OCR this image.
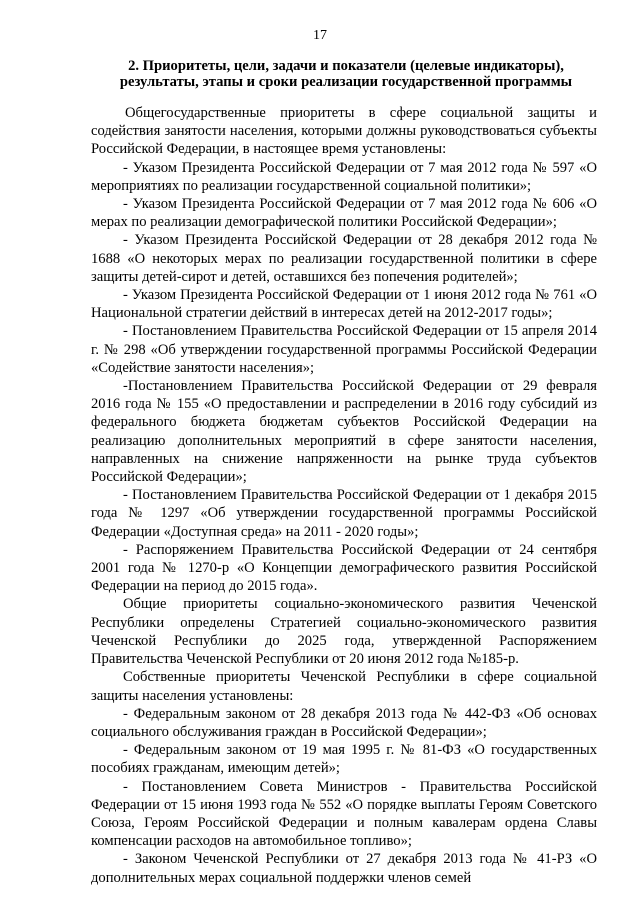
17
2. Приоритеты, цели, задачи и показатели (целевые индикаторы), результаты, этапы и сроки реализации государственной программы

Общегосударственные приоритеты в сфере социальной защиты и содействия занятости населения, которыми должны руководствоваться субъекты Российской Федерации, в настоящее время установлены:

- Указом Президента Российской Федерации от 7 мая 2012 года № 597 «О мероприятиях по реализации государственной социальной политики»;

- Указом Президента Российской Федерации от 7 мая 2012 года № 606 «О мерах по реализации демографической политики Российской Федерации»;

- Указом Президента Российской Федерации от 28 декабря 2012 года № 1688 «О некоторых мерах по реализации государственной политики в сфере защиты детей-сирот и детей, оставшихся без попечения родителей»;

- Указом Президента Российской Федерации от 1 июня 2012 года № 761 «О Национальной стратегии действий в интересах детей на 2012-2017 годы»;

- Постановлением Правительства Российской Федерации от 15 апреля 2014 г. № 298 «Об утверждении государственной программы Российской Федерации «Содействие занятости населения»;

-Постановлением Правительства Российской Федерации от 29 февраля 2016 года № 155 «О предоставлении и распределении в 2016 году субсидий из федерального бюджета бюджетам субъектов Российской Федерации на реализацию дополнительных мероприятий в сфере занятости населения, направленных на снижение напряженности на рынке труда субъектов Российской Федерации»;

- Постановлением Правительства Российской Федерации от 1 декабря 2015 года № 1297 «Об утверждении государственной программы Российской Федерации «Доступная среда» на 2011 - 2020 годы»;

- Распоряжением Правительства Российской Федерации от 24 сентября 2001 года № 1270-р «О Концепции демографического развития Российской Федерации на период до 2015 года».

Общие приоритеты социально-экономического развития Чеченской Республики определены Стратегией социально-экономического развития Чеченской Республики до 2025 года, утвержденной Распоряжением Правительства Чеченской Республики от 20 июня 2012 года №185-р.

Собственные приоритеты Чеченской Республики в сфере социальной защиты населения установлены:

- Федеральным законом от 28 декабря 2013 года № 442-ФЗ «Об основах социального обслуживания граждан в Российской Федерации»;

- Федеральным законом от 19 мая 1995 г. № 81-ФЗ «О государственных пособиях гражданам, имеющим детей»;

- Постановлением Совета Министров - Правительства Российской Федерации от 15 июня 1993 года № 552 «О порядке выплаты Героям Советского Союза, Героям Российской Федерации и полным кавалерам ордена Славы компенсации расходов на автомобильное топливо»;

- Законом Чеченской Республики от 27 декабря 2013 года № 41-РЗ «О дополнительных мерах социальной поддержки членов семей
